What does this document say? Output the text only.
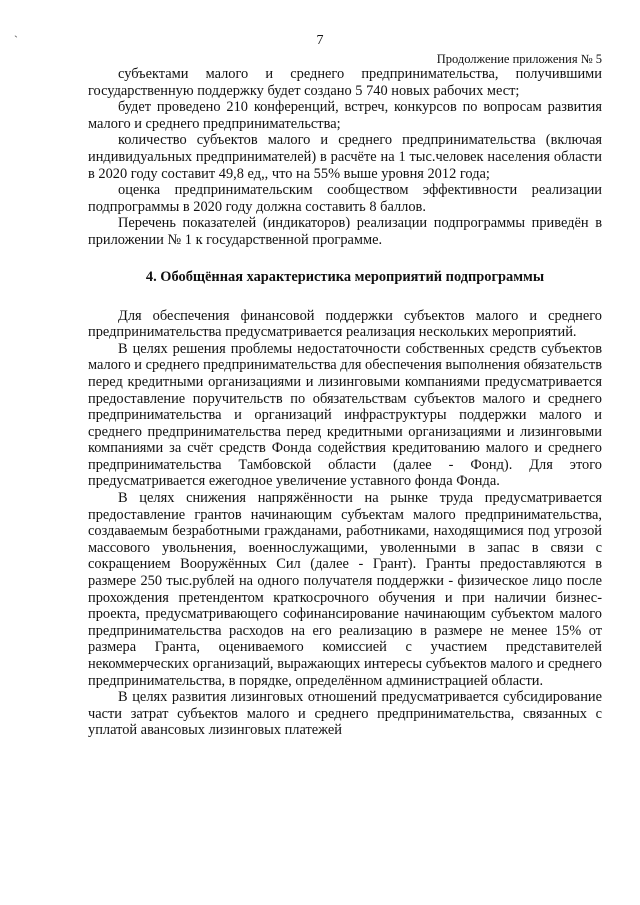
`	7
Продолжение приложения № 5

субъектами малого и среднего предпринимательства, получившими государственную поддержку будет создано 5 740 новых рабочих мест;

будет проведено 210 конференций, встреч, конкурсов по вопросам развития малого и среднего предпринимательства;

количество субъектов малого и среднего предпринимательства (включая индивидуальных предпринимателей) в расчёте на 1 тыс.человек населения области в 2020 году составит 49,8 ед,, что на 55% выше уровня 2012 года;

оценка предпринимательским сообществом эффективности реализации подпрограммы в 2020 году должна составить 8 баллов.

Перечень показателей (индикаторов) реализации подпрограммы приведён в приложении № 1 к государственной программе.

4. Обобщённая характеристика мероприятий подпрограммы

Для обеспечения финансовой поддержки субъектов малого и среднего предпринимательства предусматривается реализация нескольких мероприятий.

В целях решения проблемы недостаточности собственных средств субъектов малого и среднего предпринимательства для обеспечения выполнения обязательств перед кредитными организациями и лизинговыми компаниями предусматривается предоставление поручительств по обязательствам субъектов малого и среднего предпринимательства и организаций инфраструктуры поддержки малого и среднего предпринимательства перед кредитными организациями и лизинговыми компаниями за счёт средств Фонда содействия кредитованию малого и среднего предпринимательства Тамбовской области (далее - Фонд). Для этого предусматривается ежегодное увеличение уставного фонда Фонда.

В целях снижения напряжённости на рынке труда предусматривается предоставление грантов начинающим субъектам малого предпринимательства, создаваемым безработными гражданами, работниками, находящимися под угрозой массового увольнения, военнослужащими, уволенными в запас в связи с сокращением Вооружённых Сил (далее - Грант). Гранты предоставляются в размере 250 тыс.рублей на одного получателя поддержки - физическое лицо после прохождения претендентом краткосрочного обучения и при наличии бизнес-проекта, предусматривающего софинансирование начинающим субъектом малого предпринимательства расходов на его реализацию в размере не менее 15% от размера Гранта, оцениваемого комиссией с участием представителей некоммерческих организаций, выражающих интересы субъектов малого и среднего предпринимательства, в порядке, определённом администрацией области.

В целях развития лизинговых отношений предусматривается субсидирование части затрат субъектов малого и среднего предпринимательства, связанных с уплатой авансовых лизинговых платежей
